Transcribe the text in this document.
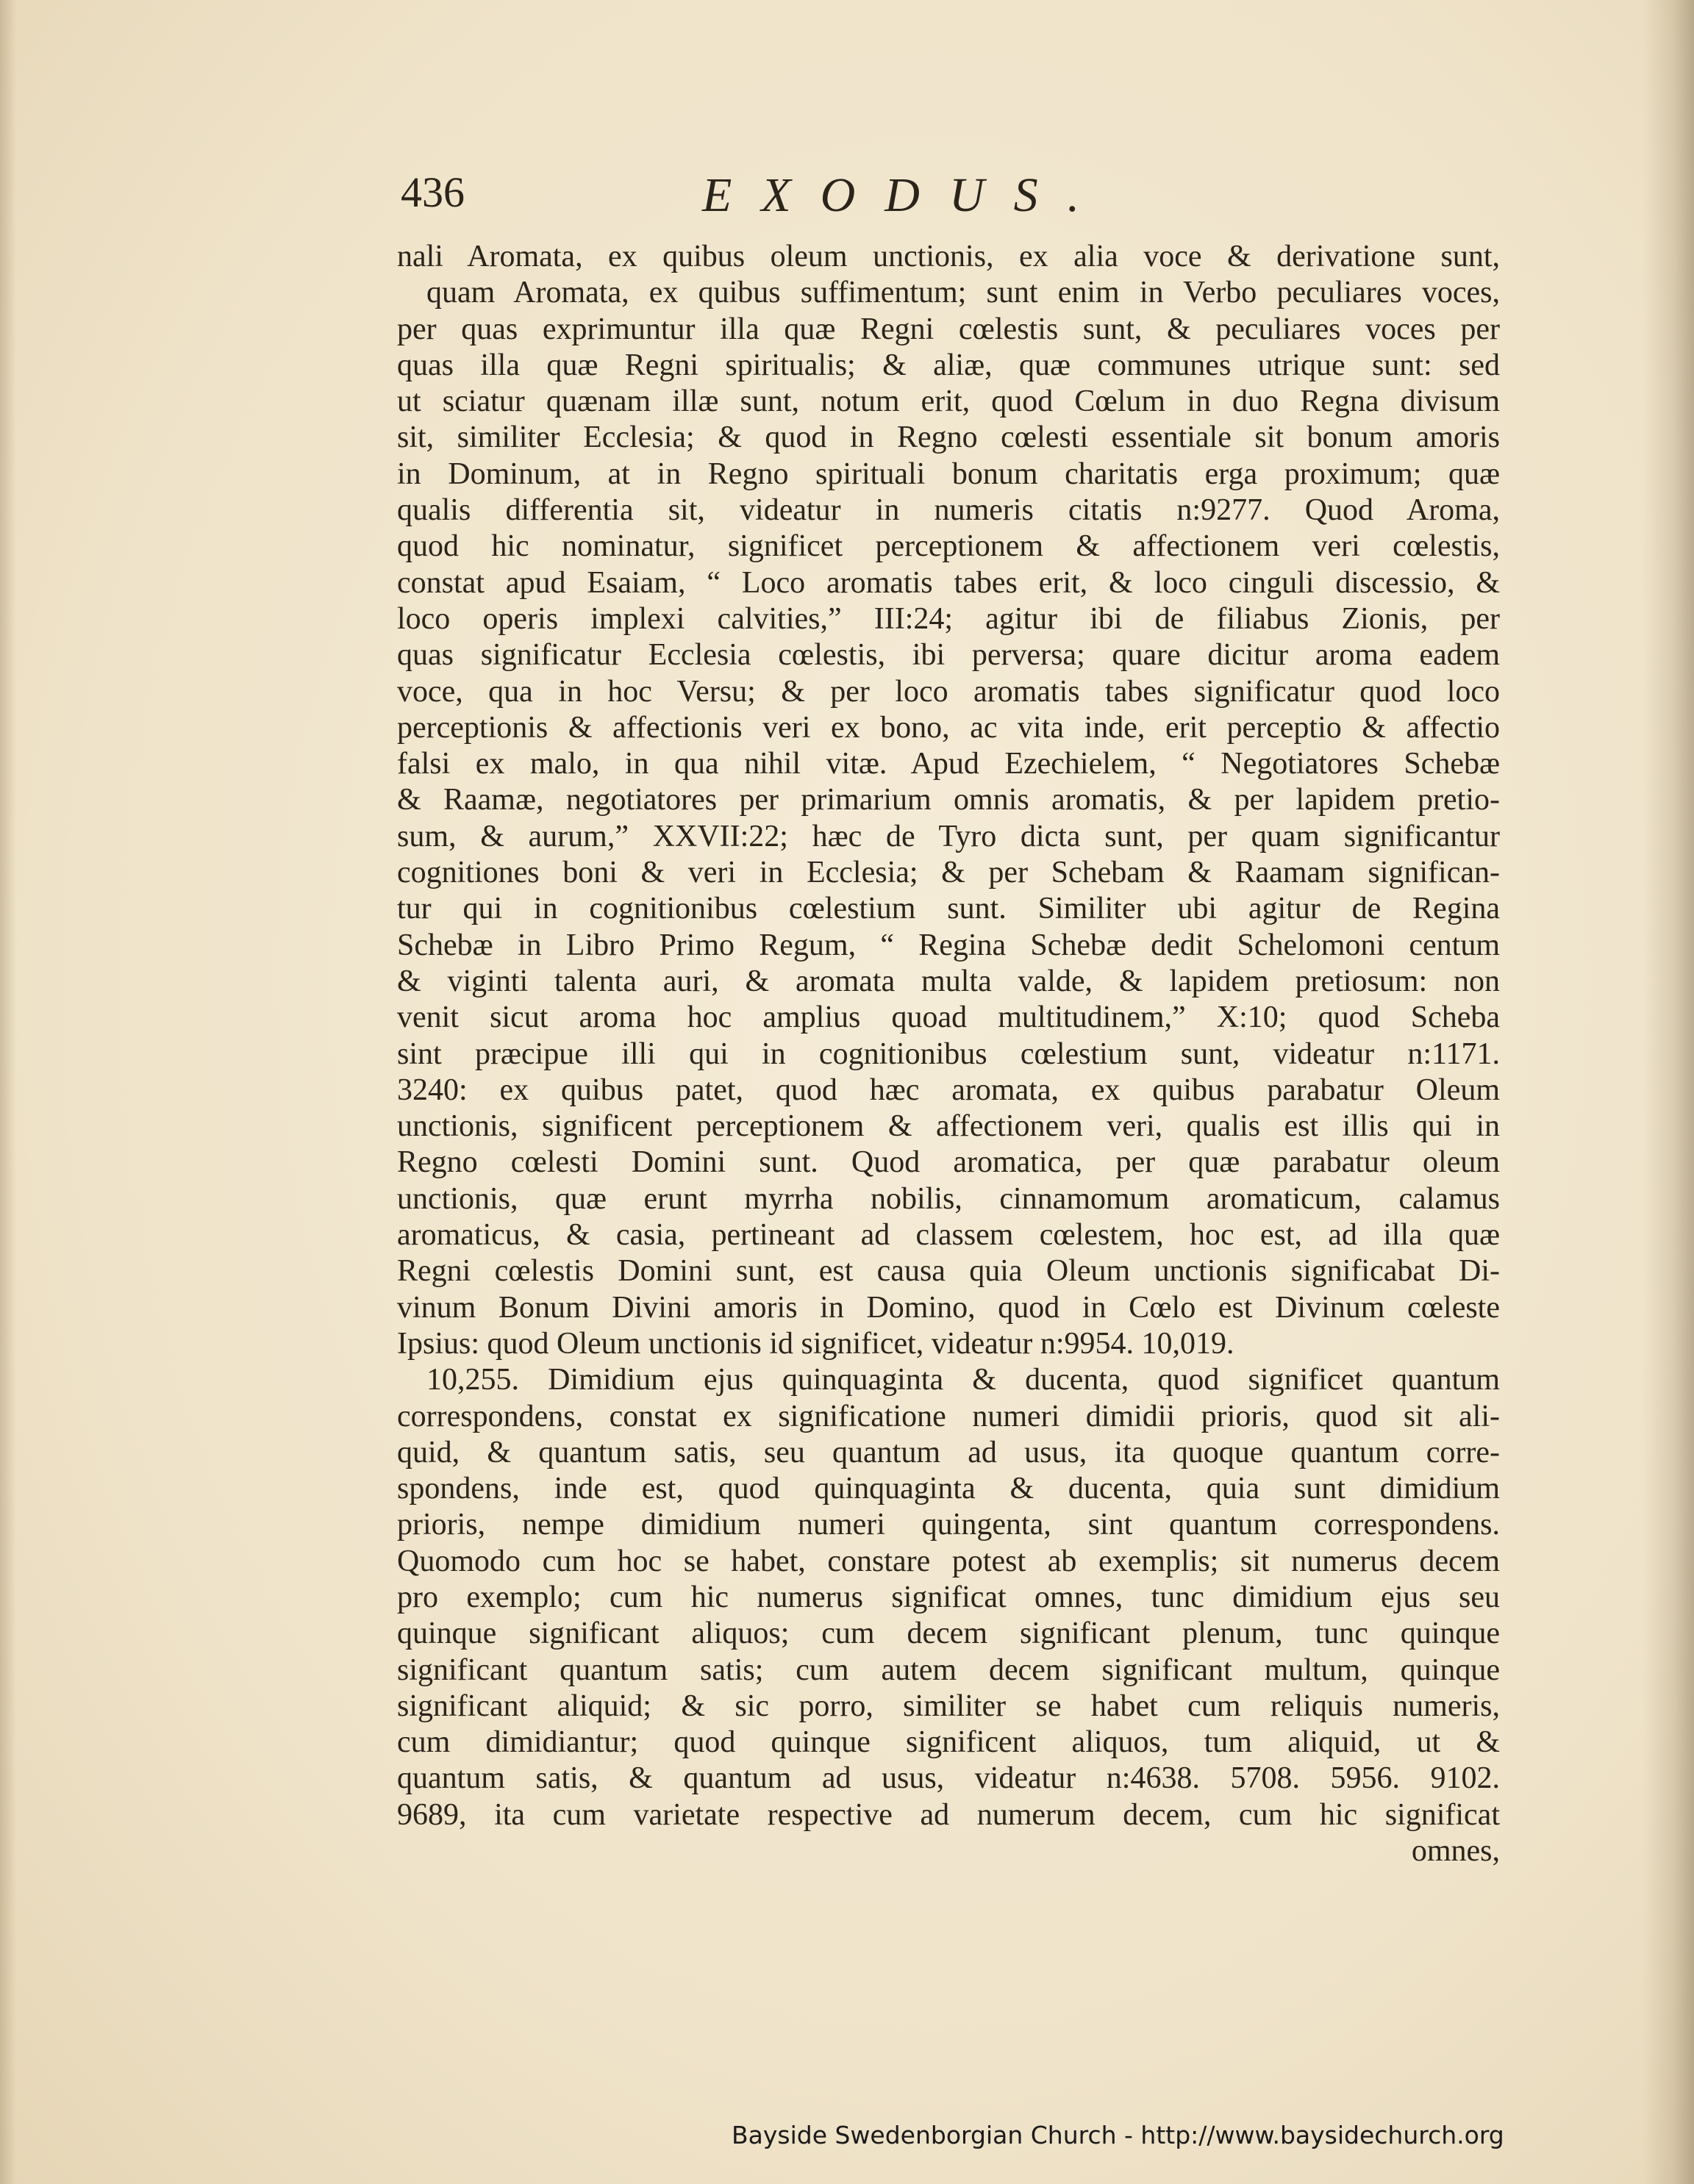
436	EXODUS.
nali Aromata, ex quibus oleum unctionis, ex alia voce & derivatione sunt,
quam Aromata, ex quibus suffimentum; sunt enim in Verbo peculiares voces,
per quas exprimuntur illa quæ Regni cœlestis sunt, & peculiares voces per
quas illa quæ Regni spiritualis; & aliæ, quæ communes utrique sunt: sed
ut sciatur quænam illæ sunt, notum erit, quod Cœlum in duo Regna divisum
sit, similiter Ecclesia; & quod in Regno cœlesti essentiale sit bonum amoris
in Dominum, at in Regno spirituali bonum charitatis erga proximum; quæ
qualis differentia sit, videatur in numeris citatis n:9277. Quod Aroma,
quod hic nominatur, significet perceptionem & affectionem veri cœlestis,
constat apud Esaiam, “ Loco aromatis tabes erit, & loco cinguli discessio, &
loco operis implexi calvities,” III:24; agitur ibi de filiabus Zionis, per
quas significatur Ecclesia cœlestis, ibi perversa; quare dicitur aroma eadem
voce, qua in hoc Versu; & per loco aromatis tabes significatur quod loco
perceptionis & affectionis veri ex bono, ac vita inde, erit perceptio & affectio
falsi ex malo, in qua nihil vitæ. Apud Ezechielem, “ Negotiatores Schebæ
& Raamæ, negotiatores per primarium omnis aromatis, & per lapidem pretio-
sum, & aurum,” XXVII:22; hæc de Tyro dicta sunt, per quam significantur
cognitiones boni & veri in Ecclesia; & per Schebam & Raamam significan-
tur qui in cognitionibus cœlestium sunt. Similiter ubi agitur de Regina
Schebæ in Libro Primo Regum, “ Regina Schebæ dedit Schelomoni centum
& viginti talenta auri, & aromata multa valde, & lapidem pretiosum: non
venit sicut aroma hoc amplius quoad multitudinem,” X:10; quod Scheba
sint præcipue illi qui in cognitionibus cœlestium sunt, videatur n:1171.
3240: ex quibus patet, quod hæc aromata, ex quibus parabatur Oleum
unctionis, significent perceptionem & affectionem veri, qualis est illis qui in
Regno cœlesti Domini sunt. Quod aromatica, per quæ parabatur oleum
unctionis, quæ erunt myrrha nobilis, cinnamomum aromaticum, calamus
aromaticus, & casia, pertineant ad classem cœlestem, hoc est, ad illa quæ
Regni cœlestis Domini sunt, est causa quia Oleum unctionis significabat Di-
vinum Bonum Divini amoris in Domino, quod in Cœlo est Divinum cœleste
Ipsius: quod Oleum unctionis id significet, videatur n:9954. 10,019.
10,255. Dimidium ejus quinquaginta & ducenta, quod significet quantum
correspondens, constat ex significatione numeri dimidii prioris, quod sit ali-
quid, & quantum satis, seu quantum ad usus, ita quoque quantum corre-
spondens, inde est, quod quinquaginta & ducenta, quia sunt dimidium
prioris, nempe dimidium numeri quingenta, sint quantum correspondens.
Quomodo cum hoc se habet, constare potest ab exemplis; sit numerus decem
pro exemplo; cum hic numerus significat omnes, tunc dimidium ejus seu
quinque significant aliquos; cum decem significant plenum, tunc quinque
significant quantum satis; cum autem decem significant multum, quinque
significant aliquid; & sic porro, similiter se habet cum reliquis numeris,
cum dimidiantur; quod quinque significent aliquos, tum aliquid, ut &
quantum satis, & quantum ad usus, videatur n:4638. 5708. 5956. 9102.
9689, ita cum varietate respective ad numerum decem, cum hic significat
omnes,
Bayside Swedenborgian Church - http://www.baysidechurch.org
